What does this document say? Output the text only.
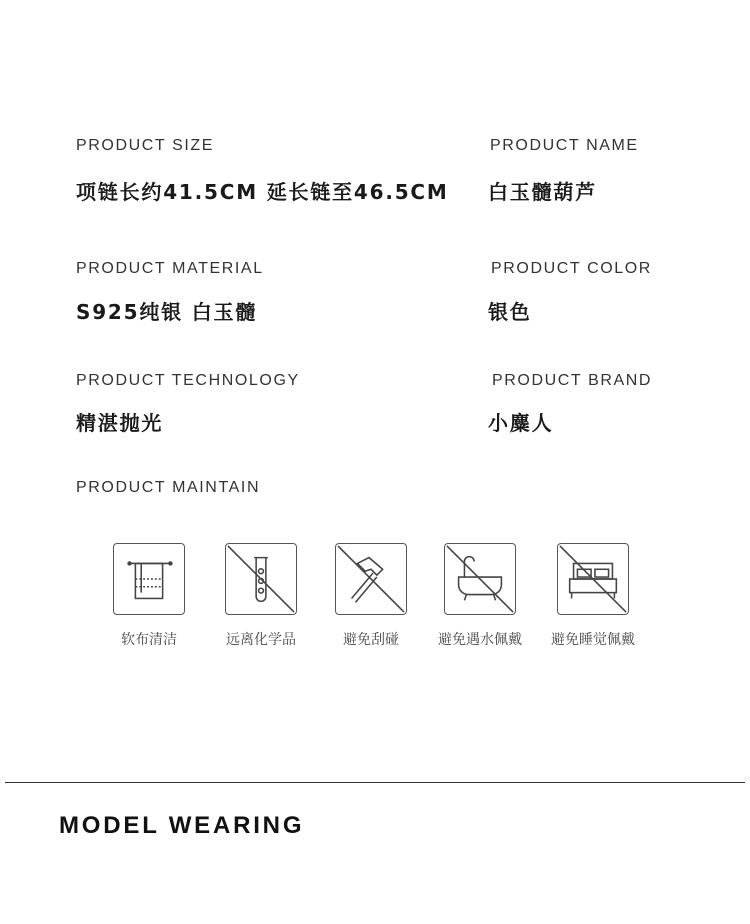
PRODUCT SIZE

项链长约41.5CM 延长链至46.5CM

PRODUCT MATERIAL

S925纯银 白玉髓

PRODUCT TECHNOLOGY

精湛抛光

PRODUCT NAME

白玉髓葫芦

PRODUCT COLOR

银色

PRODUCT BRAND

小麋人

PRODUCT MAINTAIN

软布清洁	远离化学品	避免刮碰	避免遇水佩戴 避免睡觉佩戴
MODEL WEARING
